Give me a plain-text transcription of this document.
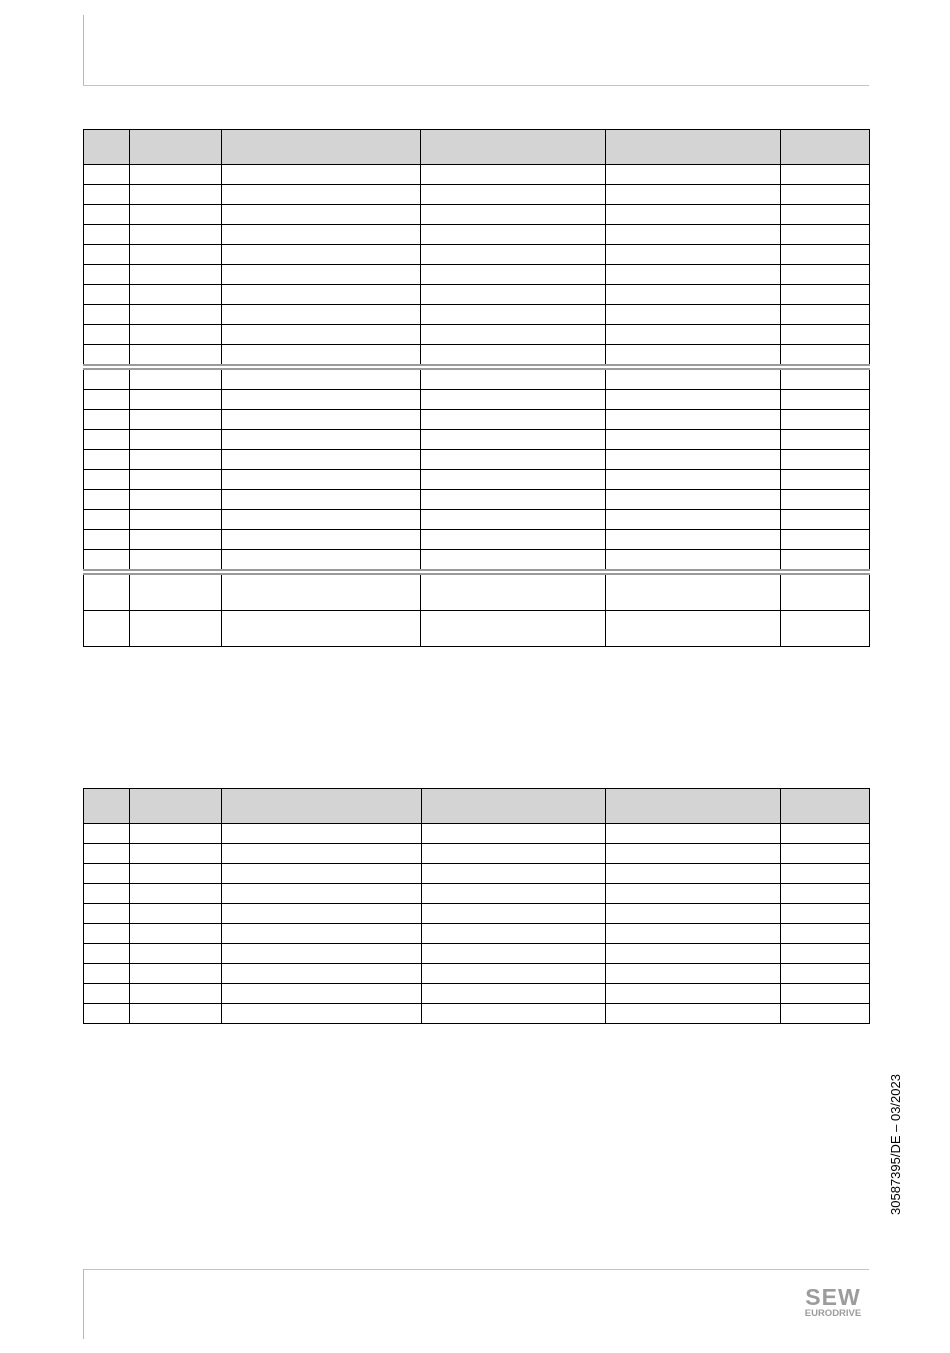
30587395/DE – 03/2023
SEW
EURODRIVE
